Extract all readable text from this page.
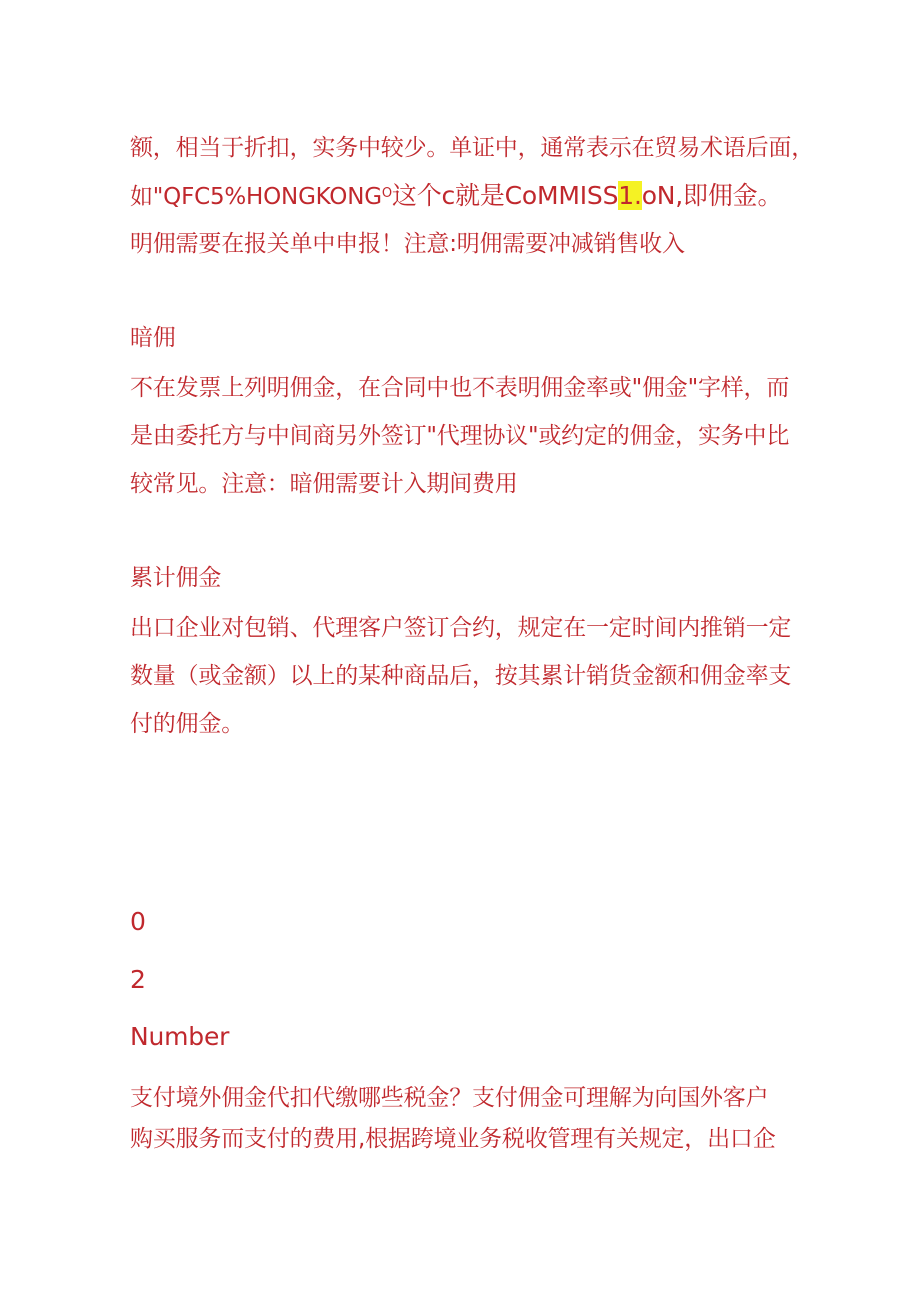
额，相当于折扣，实务中较少。单证中，通常表示在贸易术语后面，
如"$QFC5\%HONGKONG^O$这个c就是CoMMISS1.oN,即佣金。
明佣需要在报关单中申报！注意:明佣需要冲减销售收入
暗佣
不在发票上列明佣金，在合同中也不表明佣金率或"佣金"字样，而
是由委托方与中间商另外签订"代理协议"或约定的佣金，实务中比
较常见。注意：暗佣需要计入期间费用
累计佣金
出口企业对包销、代理客户签订合约，规定在一定时间内推销一定
数量（或金额）以上的某种商品后，按其累计销货金额和佣金率支
付的佣金。
0
2
Number
支付境外佣金代扣代缴哪些税金？支付佣金可理解为向国外客户
购买服务而支付的费用,根据跨境业务税收管理有关规定，出口企
